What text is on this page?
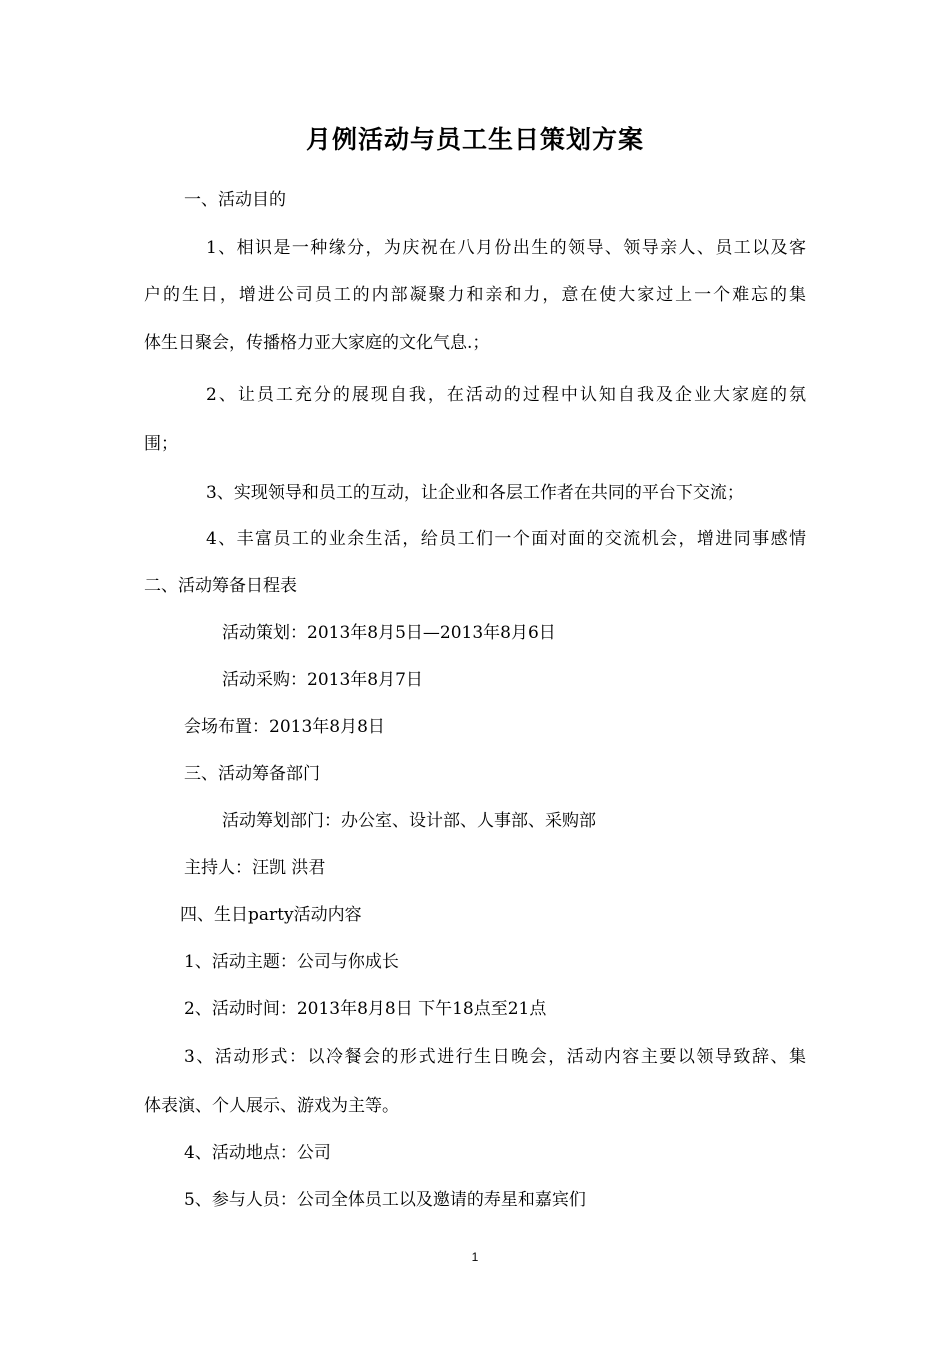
月例活动与员工生日策划方案
一、活动目的
1、相识是一种缘分，为庆祝在八月份出生的领导、领导亲人、员工以及客
户的生日，增进公司员工的内部凝聚力和亲和力，意在使大家过上一个难忘的集
体生日聚会，传播格力亚大家庭的文化气息.；
2、让员工充分的展现自我，在活动的过程中认知自我及企业大家庭的氛
围；
3、实现领导和员工的互动，让企业和各层工作者在共同的平台下交流；
4、丰富员工的业余生活，给员工们一个面对面的交流机会，增进同事感情
二、活动筹备日程表
活动策划：2013年8月5日—2013年8月6日
活动采购：2013年8月7日
会场布置：2013年8月8日
三、活动筹备部门
活动筹划部门：办公室、设计部、人事部、采购部
主持人：汪凯 洪君
四、生日party活动内容
1、活动主题：公司与你成长
2、活动时间：2013年8月8日 下午18点至21点
3、活动形式：以冷餐会的形式进行生日晚会，活动内容主要以领导致辞、集
体表演、个人展示、游戏为主等。
4、活动地点：公司
5、参与人员：公司全体员工以及邀请的寿星和嘉宾们
1
